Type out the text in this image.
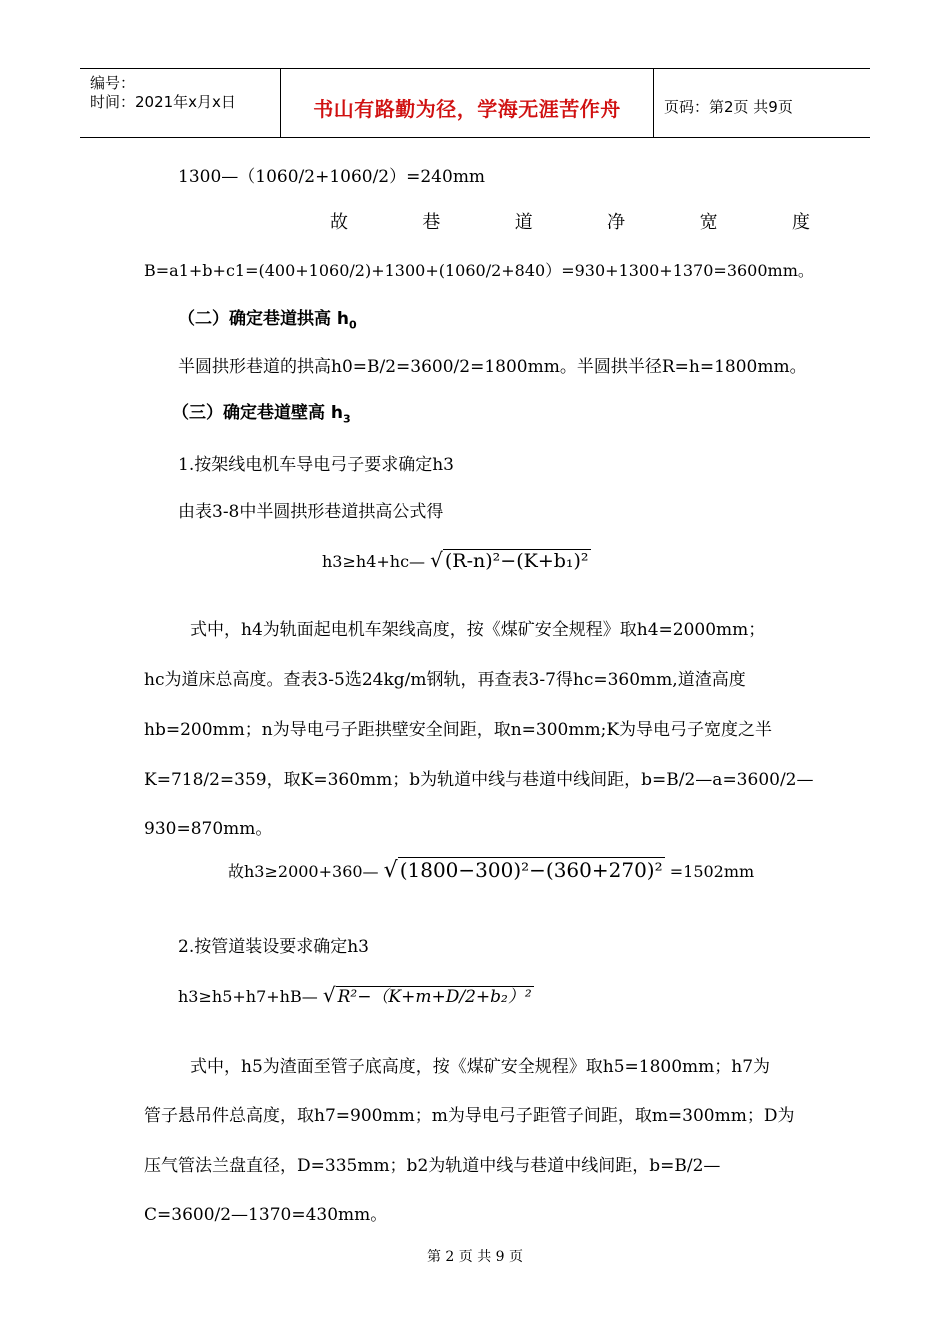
编号：
时间：2021年x月x日	书山有路勤为径，学海无涯苦作舟	页码：第2页 共9页
1300—（1060/2+1060/2）=240mm
故	巷	道	净	宽	度
B=a1+b+c1=(400+1060/2)+1300+(1060/2+840）=930+1300+1370=3600mm。
（二）确定巷道拱高 $h_0$
半圆拱形巷道的拱高h0=B/2=3600/2=1800mm。半圆拱半径R=h=1800mm。
（三）确定巷道壁高 $h_3$
1.按架线电机车导电弓子要求确定h3
由表3-8中半圆拱形巷道拱高公式得
h3≥h4+hc— √ (R-n)²−(K+b₁)²
式中，h4为轨面起电机车架线高度，按《煤矿安全规程》取h4=2000mm；
hc为道床总高度。查表3-5选24kg/m钢轨，再查表3-7得hc=360mm,道渣高度
hb=200mm；n为导电弓子距拱壁安全间距，取n=300mm;K为导电弓子宽度之半
K=718/2=359，取K=360mm；b为轨道中线与巷道中线间距，b=B/2—a=3600/2—
930=870mm。
故h3≥2000+360— √ (1800−300)²−(360+270)² =1502mm
2.按管道装设要求确定h3
h3≥h5+h7+hB— √ R²−（K+m+D/2+b₂）²
式中，h5为渣面至管子底高度，按《煤矿安全规程》取h5=1800mm；h7为
管子悬吊件总高度，取h7=900mm；m为导电弓子距管子间距，取m=300mm；D为
压气管法兰盘直径，D=335mm；b2为轨道中线与巷道中线间距，b=B/2—
C=3600/2—1370=430mm。
第 2 页 共 9 页
